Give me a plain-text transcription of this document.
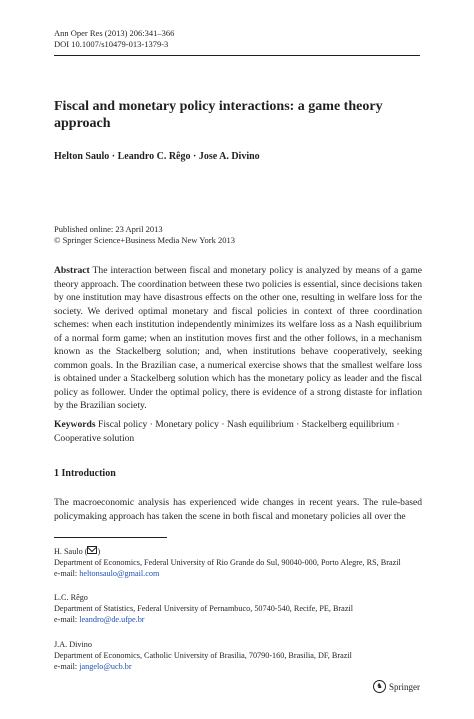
Ann Oper Res (2013) 206:341–366
DOI 10.1007/s10479-013-1379-3
Fiscal and monetary policy interactions: a game theory approach
Helton Saulo · Leandro C. Rêgo · Jose A. Divino
Published online: 23 April 2013
© Springer Science+Business Media New York 2013
Abstract The interaction between fiscal and monetary policy is analyzed by means of a game theory approach. The coordination between these two policies is essential, since decisions taken by one institution may have disastrous effects on the other one, resulting in welfare loss for the society. We derived optimal monetary and fiscal policies in context of three coordination schemes: when each institution independently minimizes its welfare loss as a Nash equilibrium of a normal form game; when an institution moves first and the other follows, in a mechanism known as the Stackelberg solution; and, when institutions behave cooperatively, seeking common goals. In the Brazilian case, a numerical exercise shows that the smallest welfare loss is obtained under a Stackelberg solution which has the monetary policy as leader and the fiscal policy as follower. Under the optimal policy, there is evidence of a strong distaste for inflation by the Brazilian society.
Keywords Fiscal policy · Monetary policy · Nash equilibrium · Stackelberg equilibrium · Cooperative solution
1 Introduction
The macroeconomic analysis has experienced wide changes in recent years. The rule-based policymaking approach has taken the scene in both fiscal and monetary policies all over the
H. Saulo ( )
Department of Economics, Federal University of Rio Grande do Sul, 90040-000, Porto Alegre, RS, Brazil
e-mail: heltonsaulo@gmail.com
L.C. Rêgo
Department of Statistics, Federal University of Pernambuco, 50740-540, Recife, PE, Brazil
e-mail: leandro@de.ufpe.br
J.A. Divino
Department of Economics, Catholic University of Brasilia, 70790-160, Brasilia, DF, Brazil
e-mail: jangelo@ucb.br
♞ Springer
